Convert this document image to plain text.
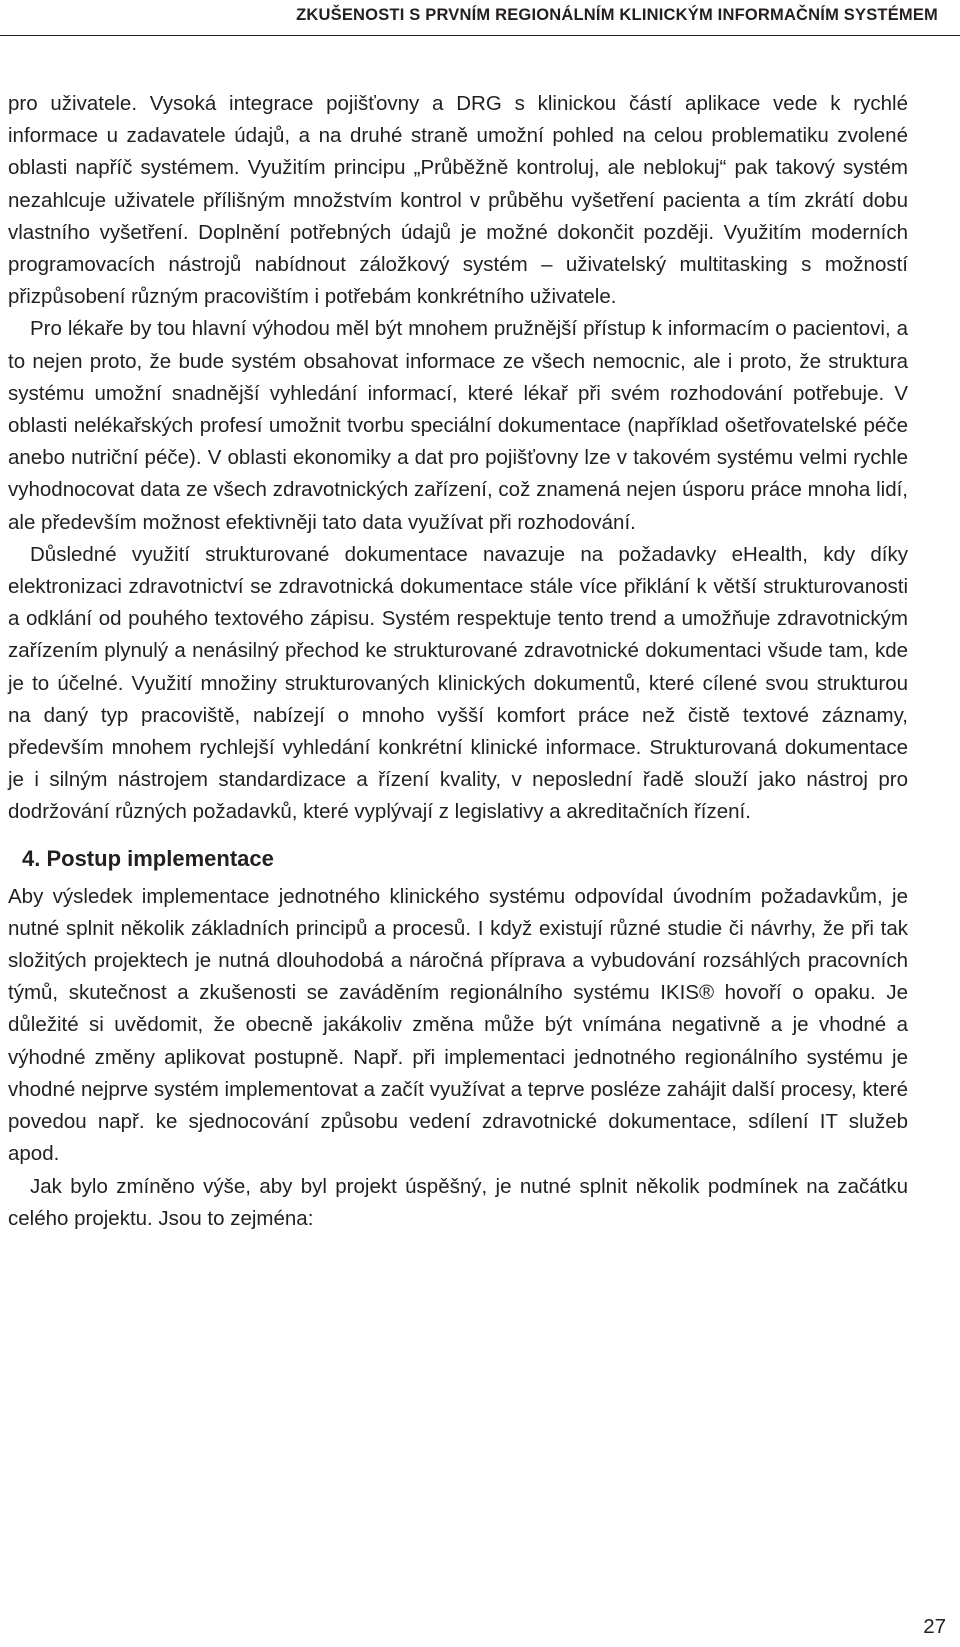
ZKUŠENOSTI S PRVNÍM REGIONÁLNÍM KLINICKÝM INFORMAČNÍM SYSTÉMEM

pro uživatele. Vysoká integrace pojišťovny a DRG s klinickou částí aplikace vede k rychlé informace u zadavatele údajů, a na druhé straně umožní pohled na celou problematiku zvolené oblasti napříč systémem. Využitím principu „Průběžně kontroluj, ale neblokuj“ pak takový systém nezahlcuje uživatele přílišným množstvím kontrol v průběhu vyšetření pacienta a tím zkrátí dobu vlastního vyšetření. Doplnění potřebných údajů je možné dokončit později. Využitím moderních programovacích nástrojů nabídnout záložkový systém – uživatelský multitasking s možností přizpůsobení různým pracovištím i potřebám konkrétního uživatele.

Pro lékaře by tou hlavní výhodou měl být mnohem pružnější přístup k informacím o pacientovi, a to nejen proto, že bude systém obsahovat informace ze všech nemocnic, ale i proto, že struktura systému umožní snadnější vyhledání informací, které lékař při svém rozhodování potřebuje. V oblasti nelékařských profesí umožnit tvorbu speciální dokumentace (například ošetřovatelské péče anebo nutriční péče). V oblasti ekonomiky a dat pro pojišťovny lze v takovém systému velmi rychle vyhodnocovat data ze všech zdravotnických zařízení, což znamená nejen úsporu práce mnoha lidí, ale především možnost efektivněji tato data využívat při rozhodování.

Důsledné využití strukturované dokumentace navazuje na požadavky eHealth, kdy díky elektronizaci zdravotnictví se zdravotnická dokumentace stále více přiklání k větší strukturovanosti a odklání od pouhého textového zápisu. Systém respektuje tento trend a umožňuje zdravotnickým zařízením plynulý a nenásilný přechod ke strukturované zdravotnické dokumentaci všude tam, kde je to účelné. Využití množiny strukturovaných klinických dokumentů, které cílené svou strukturou na daný typ pracoviště, nabízejí o mnoho vyšší komfort práce než čistě textové záznamy, především mnohem rychlejší vyhledání konkrétní klinické informace. Strukturovaná dokumentace je i silným nástrojem standardizace a řízení kvality, v neposlední řadě slouží jako nástroj pro dodržování různých požadavků, které vyplývají z legislativy a akreditačních řízení.

4. Postup implementace

Aby výsledek implementace jednotného klinického systému odpovídal úvodním požadavkům, je nutné splnit několik základních principů a procesů. I když existují různé studie či návrhy, že při tak složitých projektech je nutná dlouhodobá a náročná příprava a vybudování rozsáhlých pracovních týmů, skutečnost a zkušenosti se zaváděním regionálního systému IKIS® hovoří o opaku. Je důležité si uvědomit, že obecně jakákoliv změna může být vnímána negativně a je vhodné a výhodné změny aplikovat postupně. Např. při implementaci jednotného regionálního systému je vhodné nejprve systém implementovat a začít využívat a teprve posléze zahájit další procesy, které povedou např. ke sjednocování způsobu vedení zdravotnické dokumentace, sdílení IT služeb apod.

Jak bylo zmíněno výše, aby byl projekt úspěšný, je nutné splnit několik podmínek na začátku celého projektu. Jsou to zejména:

27
